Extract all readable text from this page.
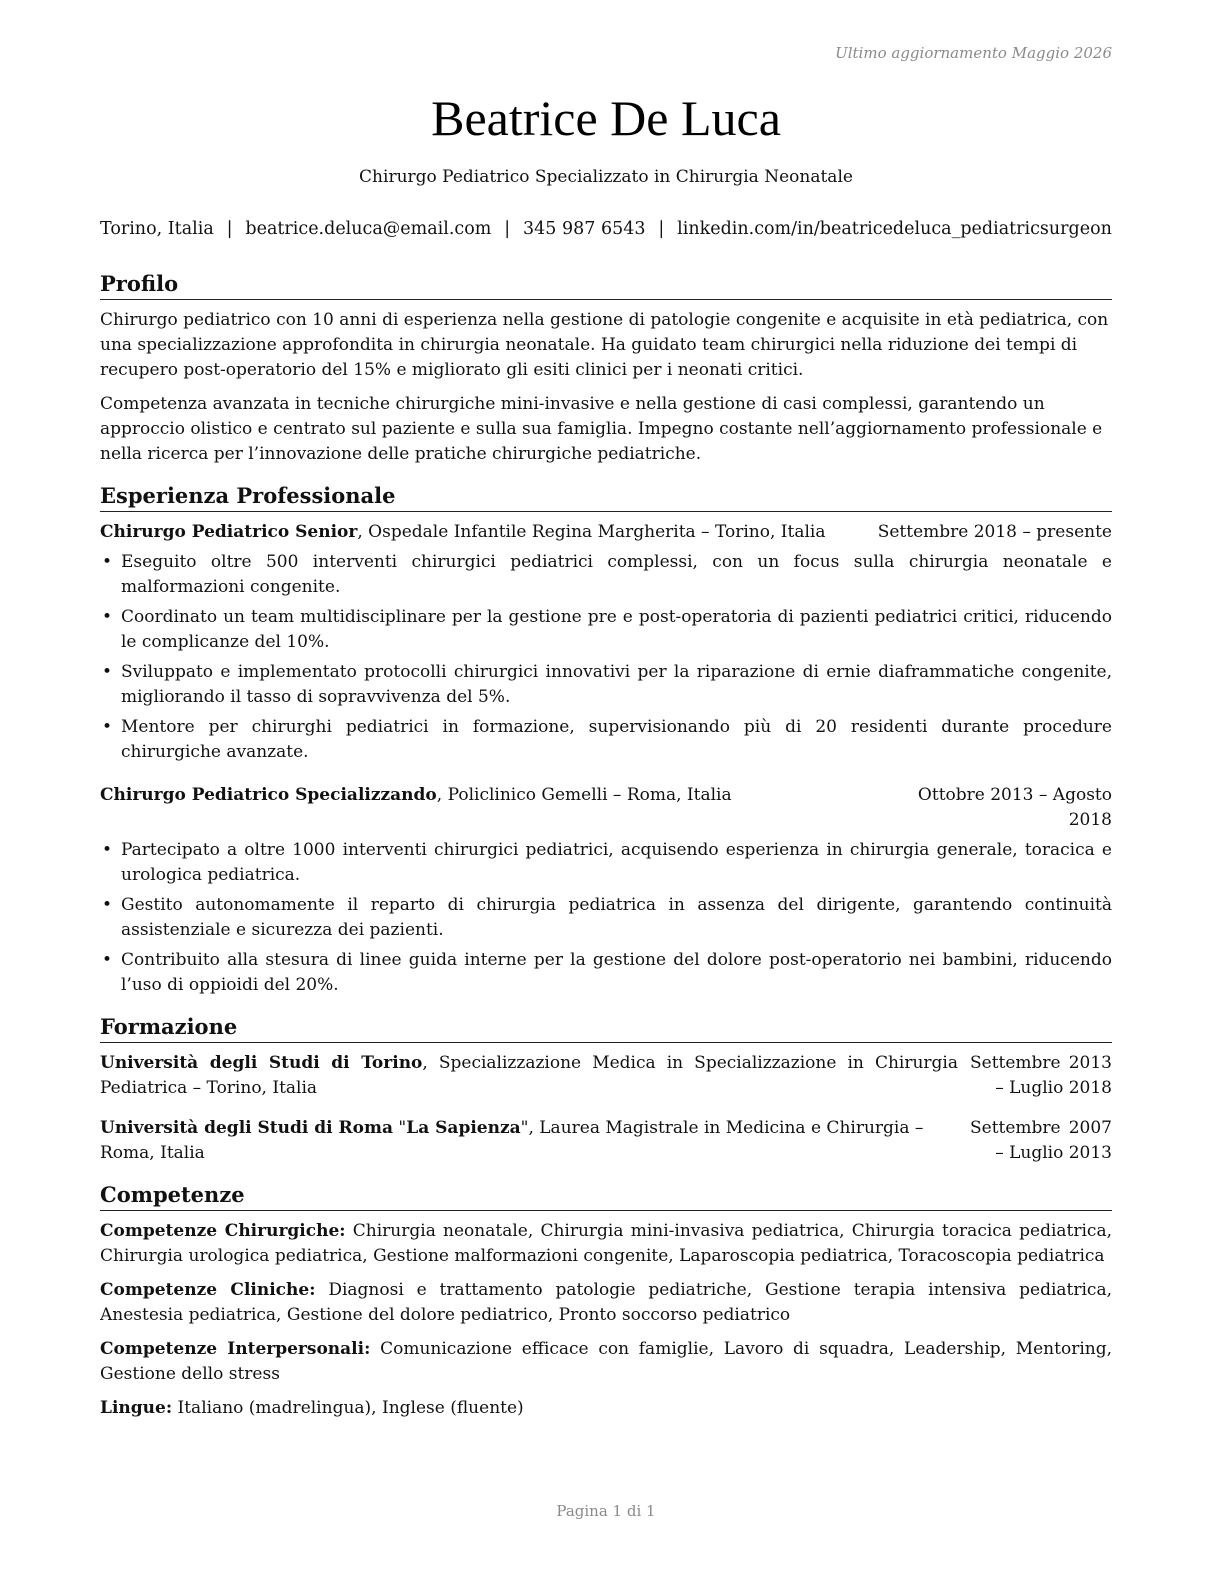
Ultimo aggiornamento Maggio 2026
Beatrice De Luca
Chirurgo Pediatrico Specializzato in Chirurgia Neonatale
Torino, Italia | beatrice.deluca@email.com | 345 987 6543 | linkedin.com/in/beatricedeluca_pediatricsurgeon
Profilo

Chirurgo pediatrico con 10 anni di esperienza nella gestione di patologie congenite e acquisite in età pediatrica, con una specializzazione approfondita in chirurgia neonatale. Ha guidato team chirurgici nella riduzione dei tempi di recupero post-operatorio del 15% e migliorato gli esiti clinici per i neonati critici.

Competenza avanzata in tecniche chirurgiche mini-invasive e nella gestione di casi complessi, garantendo un approccio olistico e centrato sul paziente e sulla sua famiglia. Impegno costante nell’aggiornamento professionale e nella ricerca per l’innovazione delle pratiche chirurgiche pediatriche.

Esperienza Professionale
Chirurgo Pediatrico Senior, Ospedale Infantile Regina Margherita – Torino, Italia	Settembre 2018 – presente
• Eseguito oltre 500 interventi chirurgici pediatrici complessi, con un focus sulla chirurgia neonatale e malformazioni congenite.
• Coordinato un team multidisciplinare per la gestione pre e post-operatoria di pazienti pediatrici critici, riducendo le complicanze del 10%.
• Sviluppato e implementato protocolli chirurgici innovativi per la riparazione di ernie diaframmatiche congenite, migliorando il tasso di sopravvivenza del 5%.
• Mentore per chirurghi pediatrici in formazione, supervisionando più di 20 residenti durante procedure chirurgiche avanzate.
Chirurgo Pediatrico Specializzando, Policlinico Gemelli – Roma, Italia	Ottobre 2013 – Agosto 2018
• Partecipato a oltre 1000 interventi chirurgici pediatrici, acquisendo esperienza in chirurgia generale, toracica e urologica pediatrica.
• Gestito autonomamente il reparto di chirurgia pediatrica in assenza del dirigente, garantendo continuità assistenziale e sicurezza dei pazienti.
• Contribuito alla stesura di linee guida interne per la gestione del dolore post-operatorio nei bambini, riducendo l’uso di oppioidi del 20%.
Formazione
Università degli Studi di Torino, Specializzazione Medica in Specializzazione in Chirurgia Pediatrica – Torino, Italia
Settembre 2013 – Luglio 2018
Università degli Studi di Roma "La Sapienza", Laurea Magistrale in Medicina e Chirurgia – Roma, Italia
Settembre 2007 – Luglio 2013
Competenze
Competenze Chirurgiche: Chirurgia neonatale, Chirurgia mini-invasiva pediatrica, Chirurgia toracica pediatrica, Chirurgia urologica pediatrica, Gestione malformazioni congenite, Laparoscopia pediatrica, Toracoscopia pediatrica
Competenze Cliniche: Diagnosi e trattamento patologie pediatriche, Gestione terapia intensiva pediatrica, Anestesia pediatrica, Gestione del dolore pediatrico, Pronto soccorso pediatrico
Competenze Interpersonali: Comunicazione efficace con famiglie, Lavoro di squadra, Leadership, Mentoring, Gestione dello stress
Lingue: Italiano (madrelingua), Inglese (fluente)
Pagina 1 di 1
